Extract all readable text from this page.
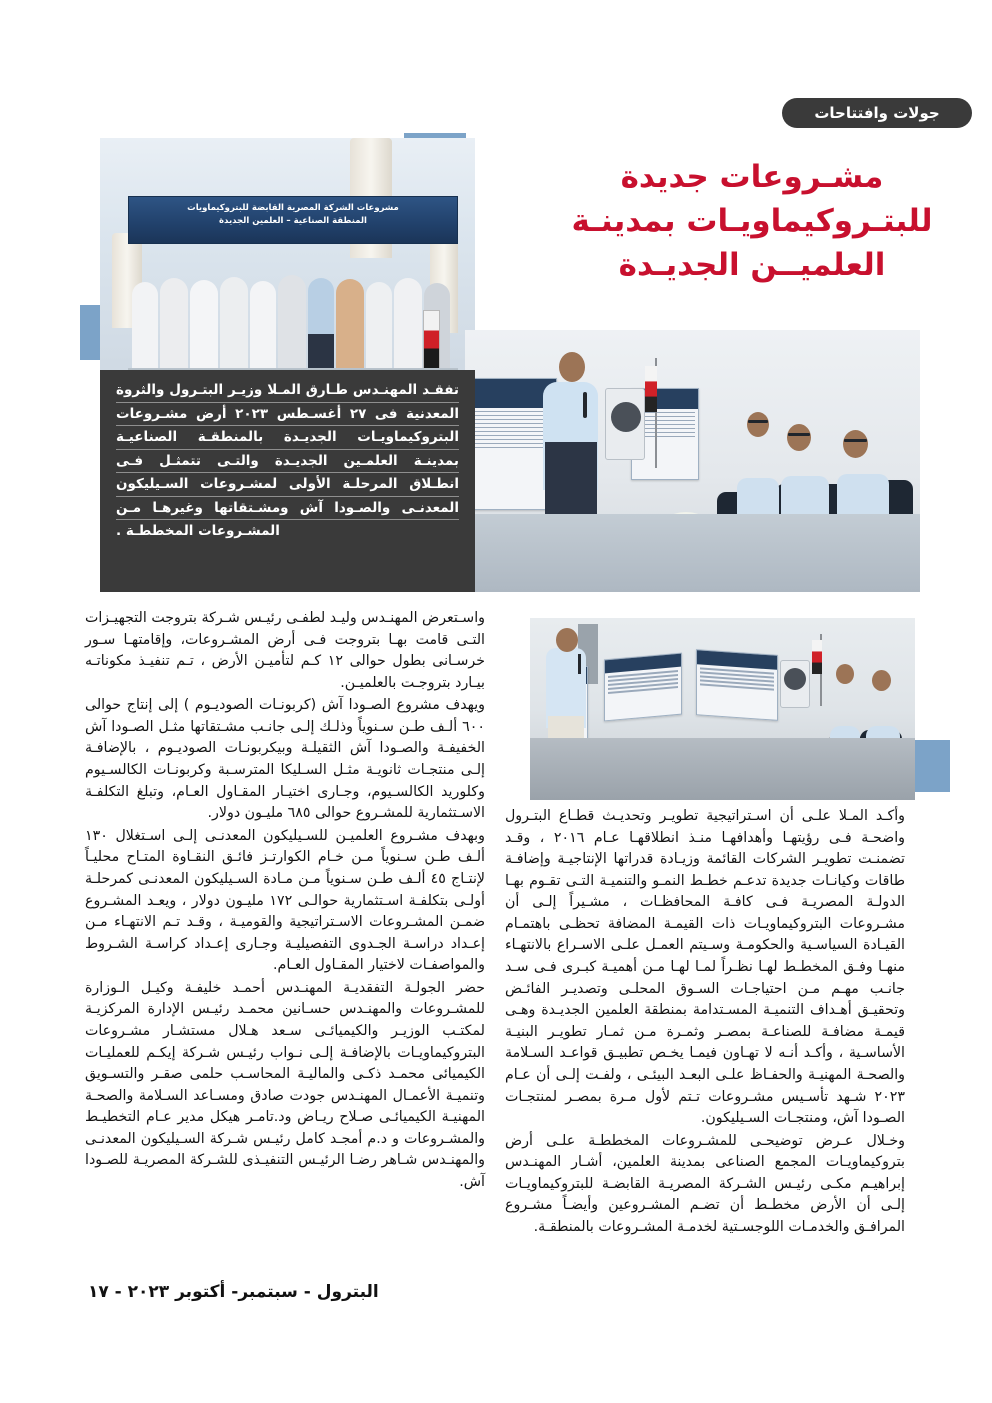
جولات وافتتاحات
مشروعات الشركة المصرية القابضة للبتروكيماويات
المنطقة الصناعية – العلمين الجديدة
مشـروعات جديدة
للبتـروكيماويـات بمدينـة
العلميــن الجديـدة

تفقـد المهنـدس طـارق المـلا وزيـر البتـرول والثروة
المعدنية فى ٢٧ أغسـطس ٢٠٢٣ أرض مشـروعات
البتروكيماويـات الجديـدة بالمنطقـة الصناعيـة
بمدينـة العلمـين الجديـدة والتـى تتمثـل فـى
انطـلاق المرحلـة الأولى لمشـروعات السـيليكون
المعدنـى والصـودا آش ومشـتقاتها وغيرهـا مـن
المشـروعات المخططـة .

واسـتعرض المهنـدس وليـد لطفـى رئيـس شـركة بتروجت التجهيـزات التـى قامت بهـا بتروجت فـى أرض المشـروعات، وإقامتهـا سـور خرسـانى بطول حوالى ١٢ كـم لتأميـن الأرض ، تـم تنفيـذ مكوناتـه بيـارد بتروجـت بالعلميـن.

ويهدف مشروع الصـودا آش (كربونـات الصوديـوم ) إلى إنتاج حوالى ٦٠٠ ألـف طـن سـنوياً وذلـك إلـى جانـب مشـتقاتها مثـل الصـودا آش الخفيفـة والصـودا آش الثقيلـة وبيكربونـات الصوديـوم ، بالإضافـة إلـى منتجـات ثانويـة مثـل السـليكا المترسـبة وكربونـات الكالسـيوم وكلوريد الكالسـيوم، وجـارى اختيـار المقـاول العـام، وتبلغ التكلفـة الاسـتثمارية للمشـروع حوالى ٦٨٥ مليـون دولار.

وبهدف مشـروع العلميـن للسـيليكون المعدنـى إلـى اسـتغلال ١٣٠ ألـف طـن سـنوياً مـن خـام الكوارتـز فائـق النقـاوة المتـاح محليـاً لإنتـاج ٤٥ ألـف طـن سـنوياً مـن مـادة السـيليكون المعدنـى كمرحلـة أولـى بتكلفـة اسـتثمارية حوالـى ١٧٢ مليـون دولار ، ويعـد المشـروع ضمـن المشـروعات الاسـتراتيجية والقوميـة ، وقـد تـم الانتهـاء مـن إعـداد دراسـة الجـدوى التفصيليـة وجـارى إعـداد كراسـة الشـروط والمواصفـات لاختيار المقـاول العـام.

حضر الجولـة التفقديـة المهنـدس أحمـد خليفـة وكيـل الـوزارة للمشـروعات والمهنـدس حسـانين محمـد رئيـس الإدارة المركزيـة لمكتـب الوزيـر والكيميائـى سـعد هـلال مستشـار مشـروعات البتروكيماويـات بالإضافـة إلـى نـواب رئيـس شـركة إيكـم للعمليـات الكيميائى محمـد ذكـى والماليـة المحاسـب حلمى صقـر والتسـويق وتنميـة الأعمـال المهنـدس جودت صادق ومسـاعد السـلامة والصحـة المهنيـة الكيميائـى صـلاح ريـاض ود.تامـر هيكل مدير عـام التخطيـط والمشـروعات و د.م أمجـد كامل رئيـس شـركة السـيليكون المعدنـى والمهنـدس شـاهر رضـا الرئيـس التنفيـذى للشـركة المصريـة للصـودا آش.

وأكـد المـلا علـى أن اسـتراتيجية تطويـر وتحديـث قطـاع البتـرول واضحـة فـى رؤيتهـا وأهدافهـا منـذ انطلاقهـا عـام ٢٠١٦ ، وقـد تضمنـت تطويـر الشركات القائمة وزيـادة قدراتها الإنتاجيـة وإضافـة طاقات وكيانـات جديدة تدعـم خطـط النمـو والتنميـة التـى تقـوم بهـا الدولـة المصريـة فـى كافـة المحافظـات ، مشـيراً إلـى أن مشـروعات البتروكيماويـات ذات القيمـة المضافة تحظـى باهتمـام القيـادة السياسـية والحكومـة وسـيتم العمـل علـى الاسـراع بالانتهـاء منهـا وفـق المخطـط لهـا نظـراً لمـا لهـا مـن أهميـة كبـرى فـى سـد جانـب مهـم مـن احتياجـات السـوق المحلـى وتصديـر الفائـض وتحقيـق أهـداف التنميـة المسـتدامة بمنطقة العلمين الجديـدة وهـى قيمـة مضافـة للصناعـة بمصـر وثمـرة مـن ثمـار تطويـر البنيـة الأساسـية ، وأكـد أنـه لا تهـاون فيمـا يخـص تطبيـق قواعـد السـلامة والصحـة المهنيـة والحفـاظ علـى البعـد البيئـى ، ولفـت إلـى أن عـام ٢٠٢٣ شـهد تأسـيس مشـروعات تـتم لأول مـرة بمصـر لمنتجـات الصـودا آش، ومنتجـات السـيليكون.

وخـلال عـرض توضيحـى للمشـروعات المخططـة علـى أرض بتروكيماويـات المجمع الصناعى بمدينة العلمين، أشـار المهنـدس إبراهيـم مكـى رئيـس الشـركة المصريـة القابضـة للبتروكيماويـات إلـى أن الأرض مخطـط أن تضـم المشـروعين وأيضـاً مشـروع المرافـق والخدمـات اللوجسـتية لخدمـة المشـروعات بالمنطقـة.

البترول - سبتمبر- أكتوبر ٢٠٢٣ - ١٧
